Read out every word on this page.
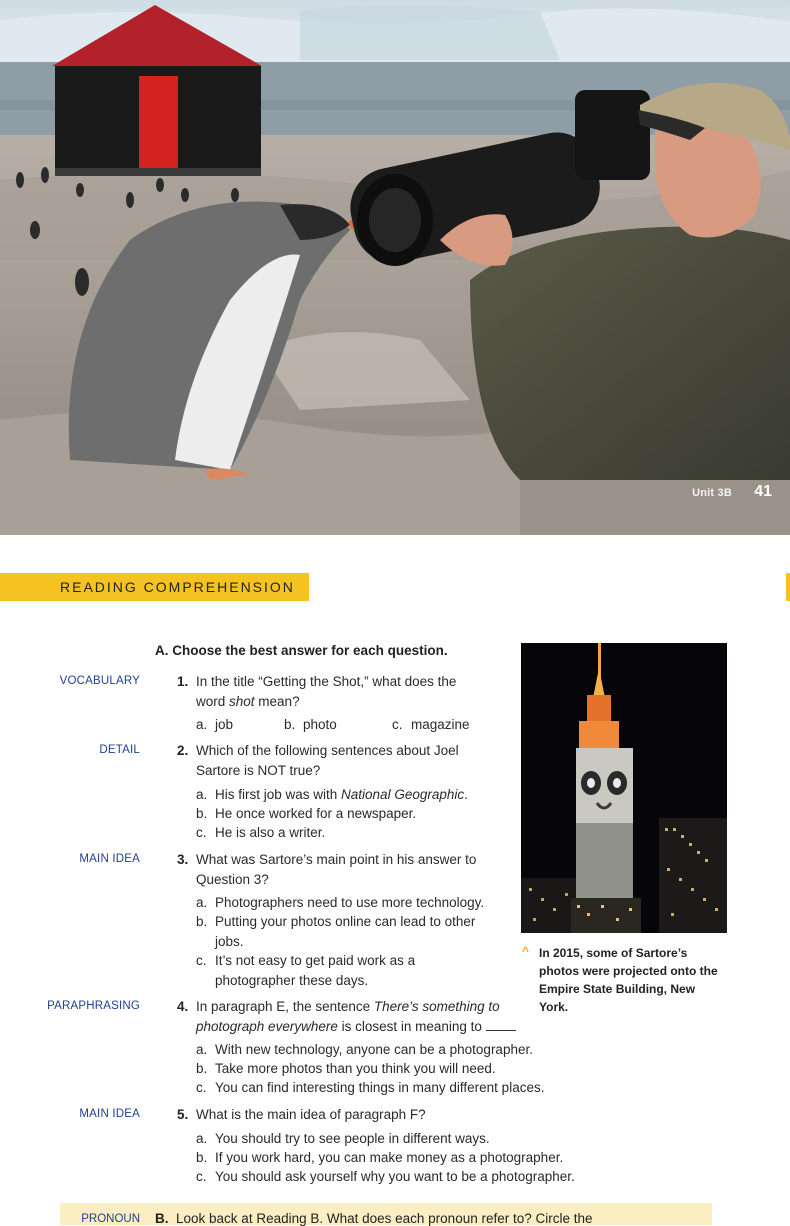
Unit 3B 41
READING COMPREHENSION
A. Choose the best answer for each question.
VOCABULARY	1. In the title “Getting the Shot,” what does the
word shot mean?
a. job	b. photo	c. magazine
DETAIL	2. Which of the following sentences about Joel
Sartore is NOT true?
a. His first job was with National Geographic.
b. He once worked for a newspaper.
c. He is also a writer.
MAIN IDEA	3. What was Sartore’s main point in his answer to
Question 3?
a. Photographers need to use more technology.
b. Putting your photos online can lead to other
jobs.
c. It’s not easy to get paid work as a
photographer these days.
PARAPHRASING	4. In paragraph E, the sentence There’s something to
photograph everywhere is closest in meaning to
a. With new technology, anyone can be a photographer.
b. Take more photos than you think you will need.
c. You can find interesting things in many different places.
MAIN IDEA	5. What is the main idea of paragraph F?
a. You should try to see people in different ways.
b. If you work hard, you can make money as a photographer.
c. You should ask yourself why you want to be a photographer.
^ In 2015, some of Sartore’s photos were projected onto the Empire State Building, New York.
PRONOUN B. Look back at Reading B. What does each pronoun refer to? Circle the
